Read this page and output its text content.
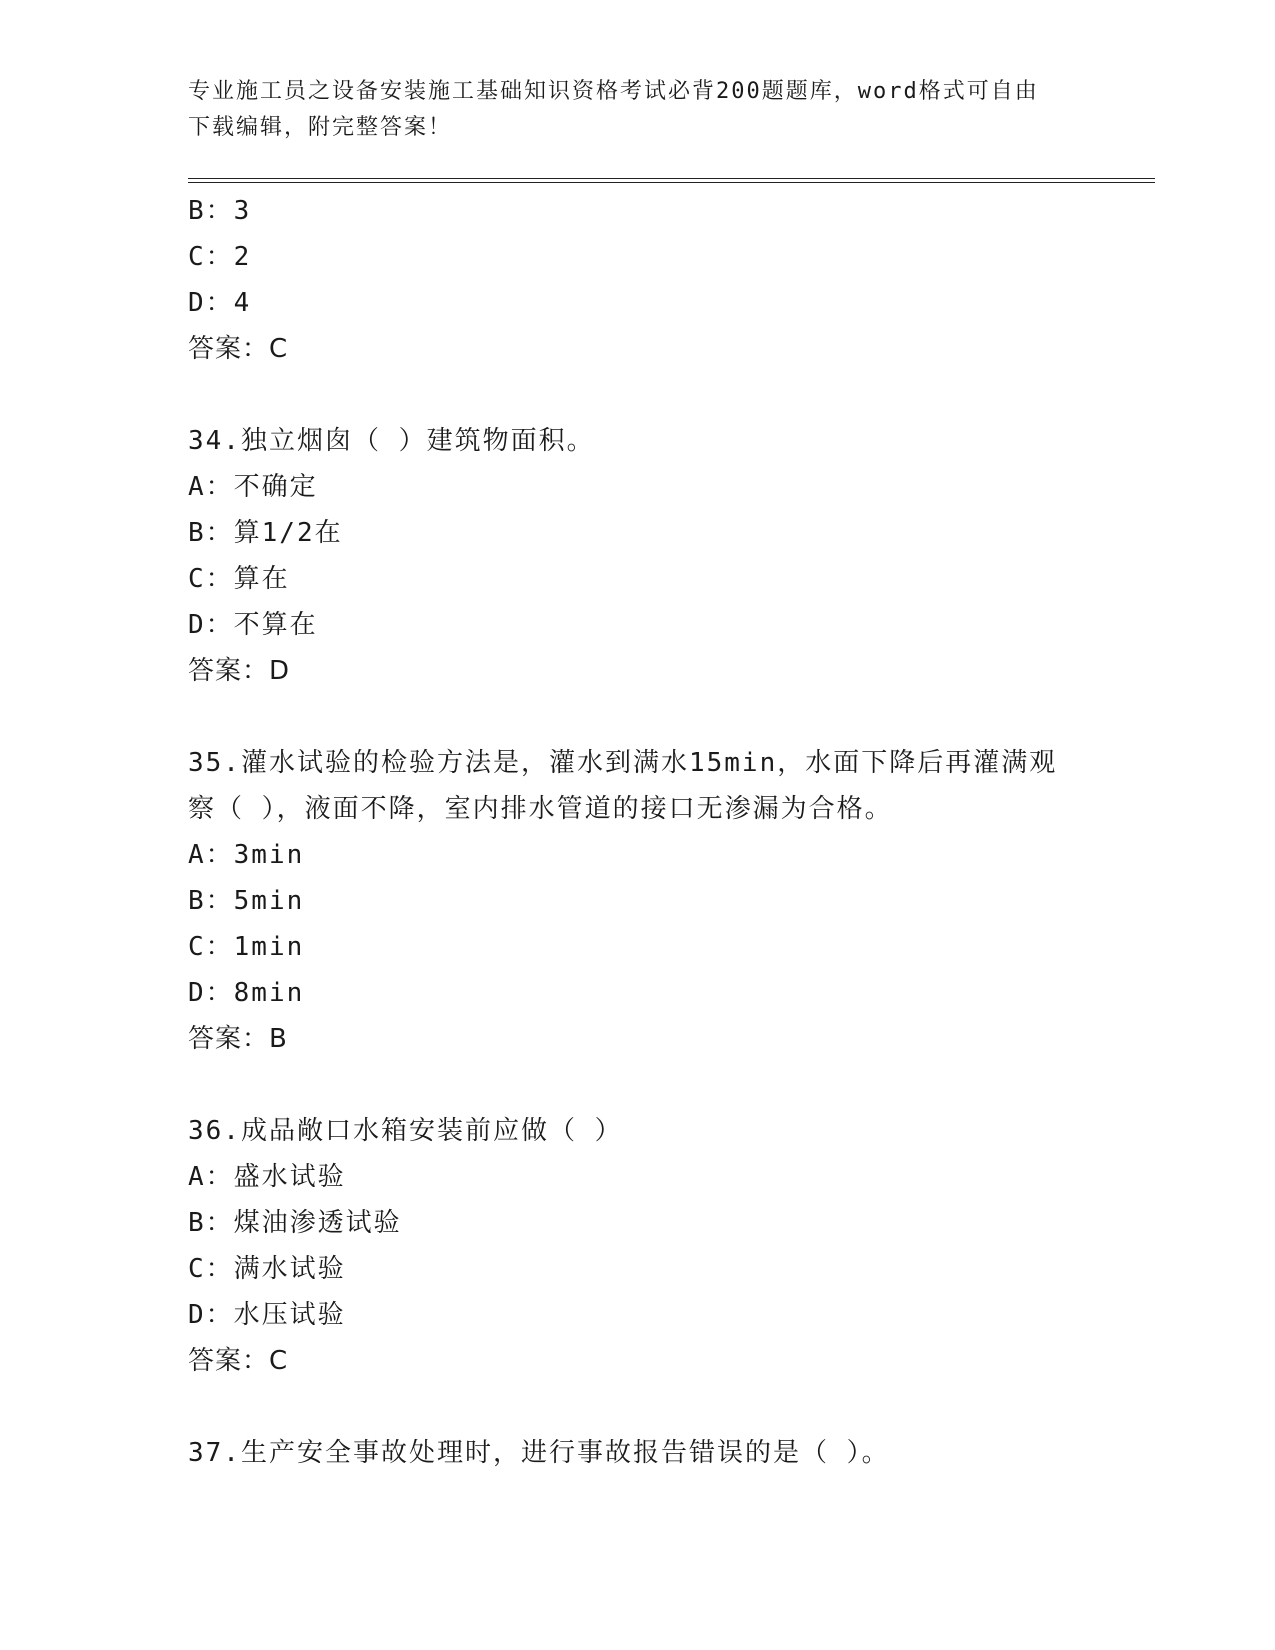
专业施工员之设备安装施工基础知识资格考试必背200题题库，word格式可自由
下载编辑，附完整答案！
B：3
C：2
D：4
答案：C
34.独立烟囱（ ）建筑物面积。
A：不确定
B：算1/2在
C：算在
D：不算在
答案：D
35.灌水试验的检验方法是，灌水到满水15min，水面下降后再灌满观
察（ ），液面不降，室内排水管道的接口无渗漏为合格。
A：3min
B：5min
C：1min
D：8min
答案：B
36.成品敞口水箱安装前应做（ ）
A：盛水试验
B：煤油渗透试验
C：满水试验
D：水压试验
答案：C
37.生产安全事故处理时，进行事故报告错误的是（ ）。
